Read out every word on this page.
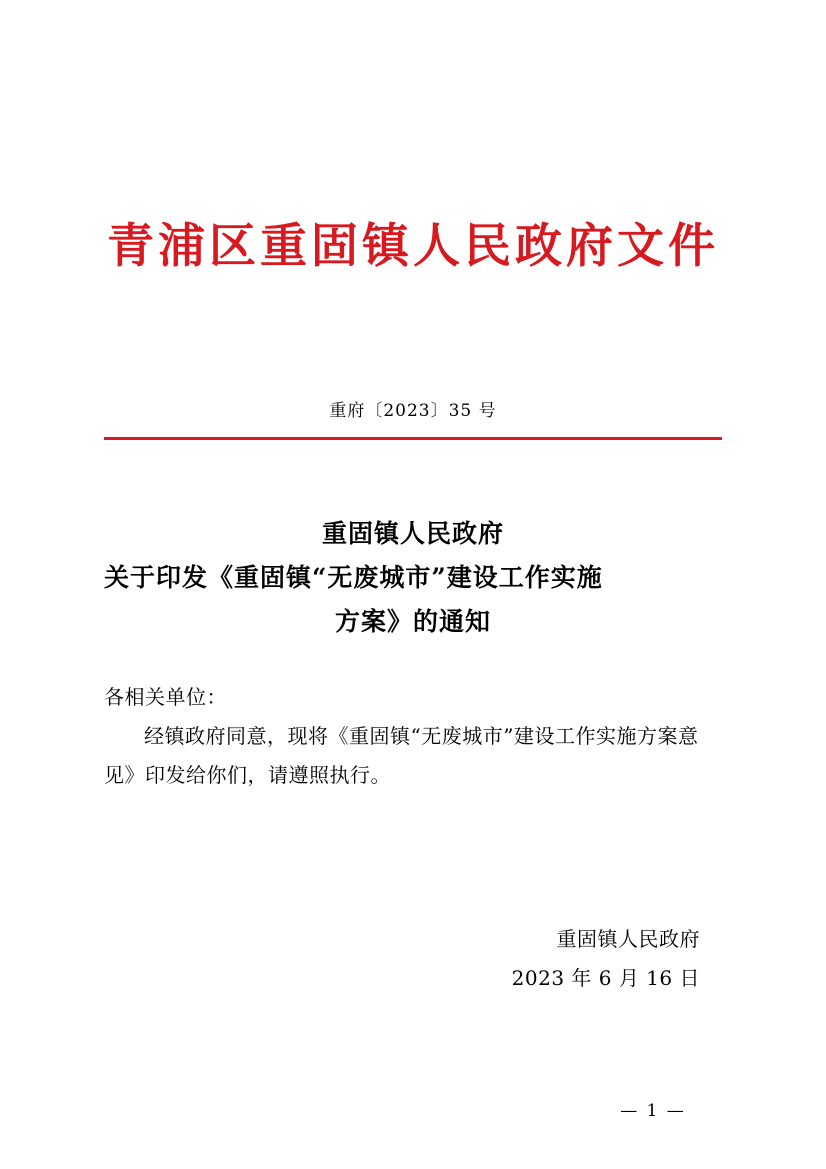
青浦区重固镇人民政府文件
重府〔2023〕35 号
重固镇人民政府
关于印发《重固镇“无废城市”建设工作实施
方案》的通知
各相关单位：
经镇政府同意，现将《重固镇“无废城市”建设工作实施方案意见》印发给你们，请遵照执行。
重固镇人民政府
2023 年 6 月 16 日
— 1 —
